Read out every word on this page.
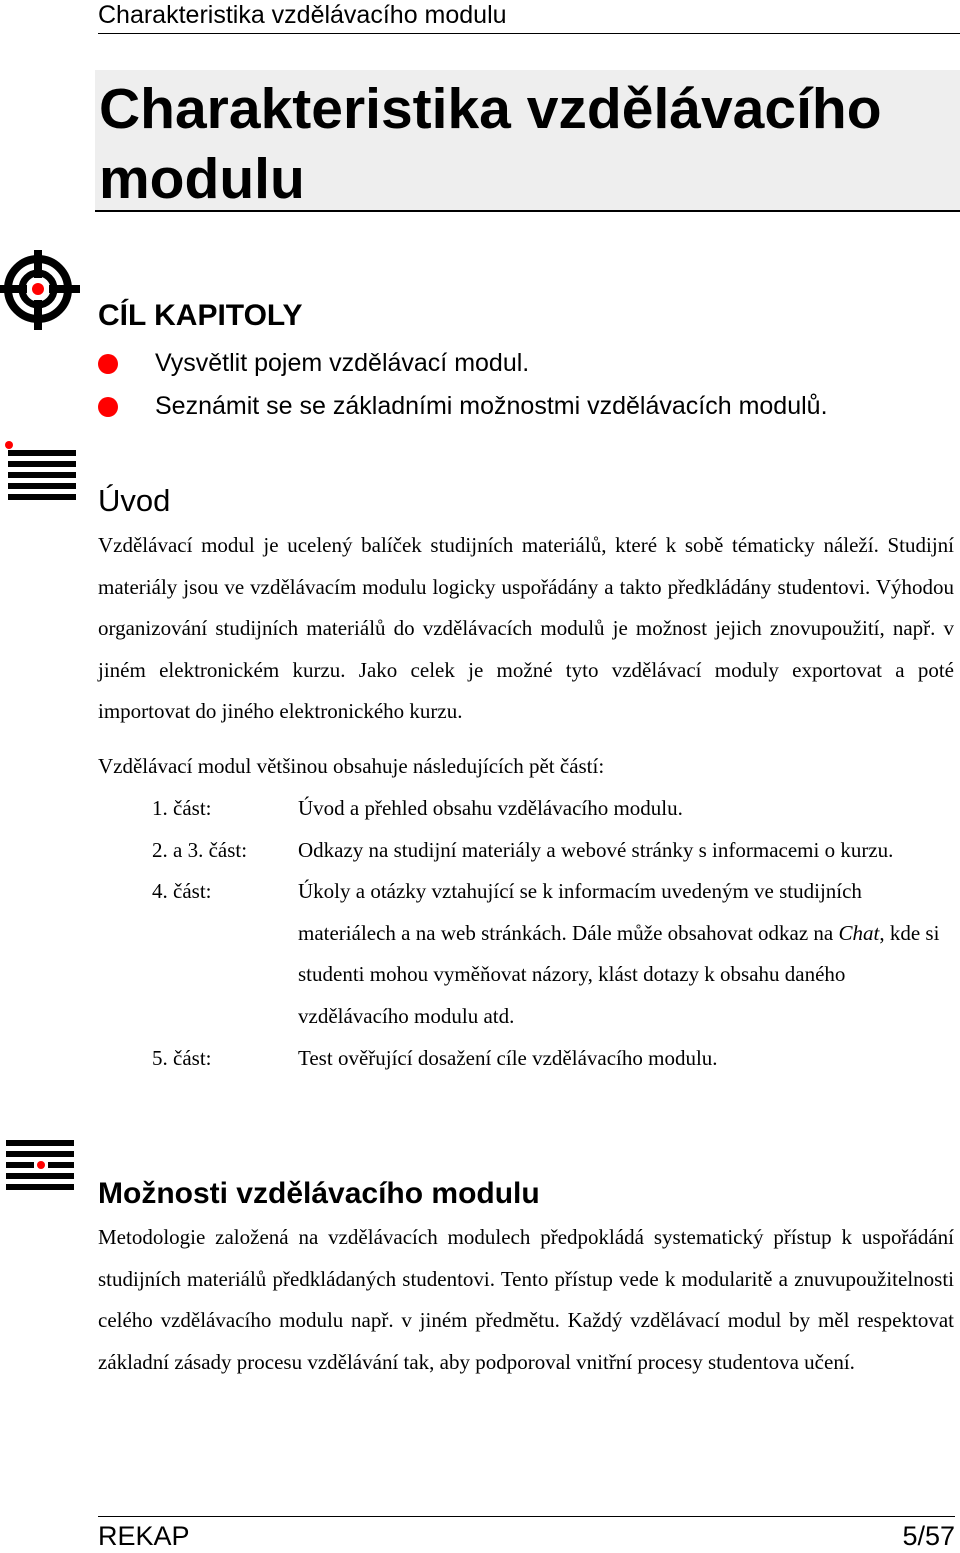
Charakteristika vzdělávacího modulu
Charakteristika vzdělávacího modulu
CÍL KAPITOLY
Vysvětlit pojem vzdělávací modul.
Seznámit se se základními možnostmi vzdělávacích modulů.
Úvod

Vzdělávací modul je ucelený balíček studijních materiálů, které k sobě tématicky náleží. Studijní materiály jsou ve vzdělávacím modulu logicky uspořádány a takto předkládány studentovi. Výhodou organizování studijních materiálů do vzdělávacích modulů je možnost jejich znovupoužití, např. v jiném elektronickém kurzu. Jako celek je možné tyto vzdělávací moduly exportovat a poté importovat do jiného elektronického kurzu.

Vzdělávací modul většinou obsahuje následujících pět částí:

1. část:	Úvod a přehled obsahu vzdělávacího modulu.
2. a 3. část: Odkazy na studijní materiály a webové stránky s informacemi o kurzu.
4. část:	Úkoly a otázky vztahující se k informacím uvedeným ve studijních materiálech a na web stránkách. Dále může obsahovat odkaz na Chat, kde si studenti mohou vyměňovat názory, klást dotazy k obsahu daného vzdělávacího modulu atd.
5. část:	Test ověřující dosažení cíle vzdělávacího modulu.
Možnosti vzdělávacího modulu

Metodologie založená na vzdělávacích modulech předpokládá systematický přístup k uspořádání studijních materiálů předkládaných studentovi. Tento přístup vede k modularitě a znuvupoužitelnosti celého vzdělávacího modulu např. v jiném předmětu. Každý vzdělávací modul by měl respektovat základní zásady procesu vzdělávání tak, aby podporoval vnitřní procesy studentova učení.

REKAP	5/57
